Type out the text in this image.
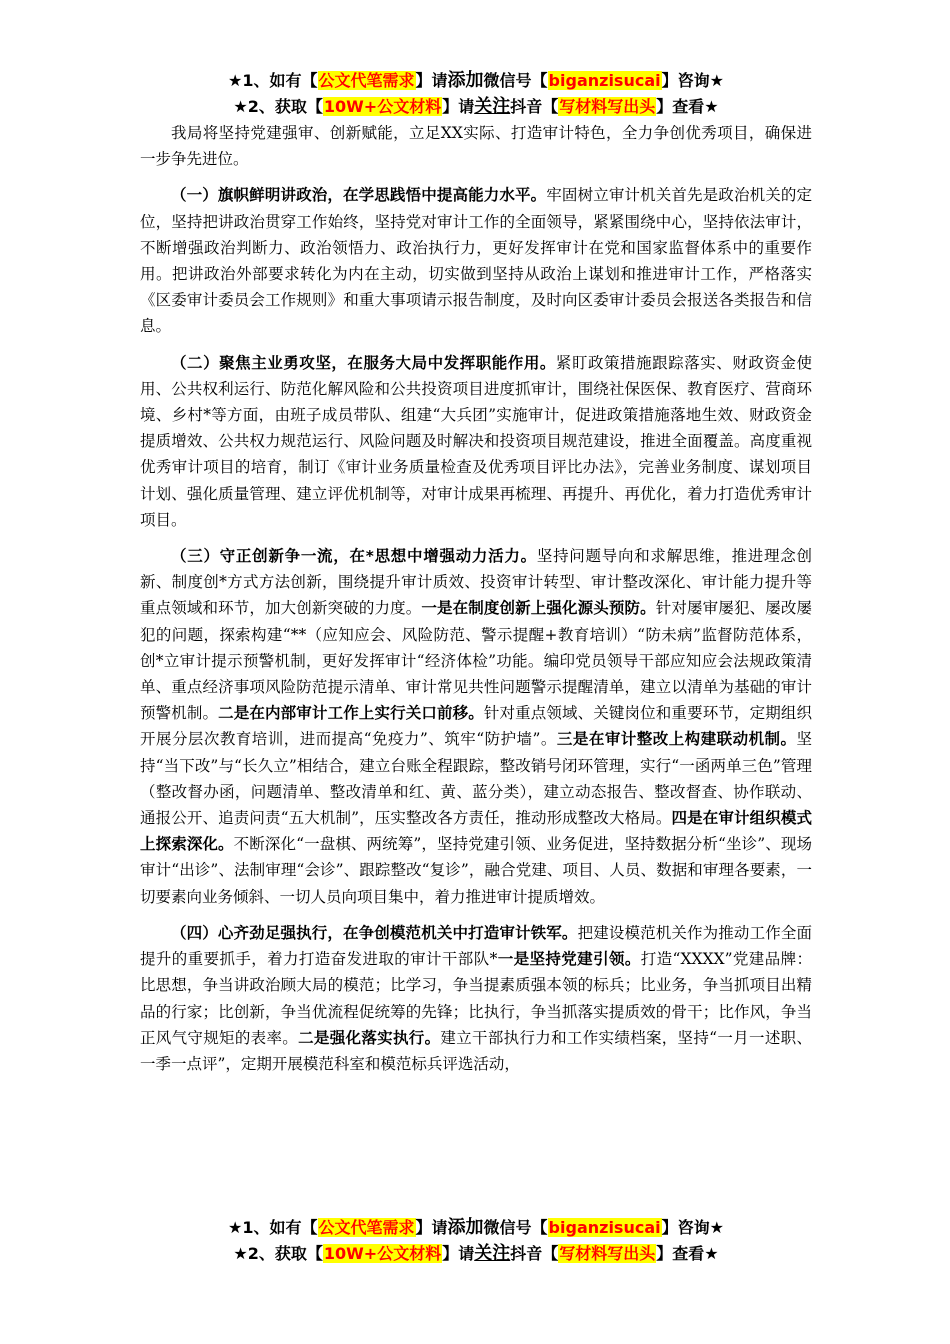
★1、如有【公文代笔需求】请添加微信号【biganzisucai】咨询★
★2、获取【10W+公文材料】请关注抖音【写材料写出头】查看★

我局将坚持党建强审、创新赋能，立足XX实际、打造审计特色，全力争创优秀项目，确保进一步争先进位。

（一）旗帜鲜明讲政治，在学思践悟中提高能力水平。牢固树立审计机关首先是政治机关的定位，坚持把讲政治贯穿工作始终，坚持党对审计工作的全面领导，紧紧围绕中心，坚持依法审计，不断增强政治判断力、政治领悟力、政治执行力，更好发挥审计在党和国家监督体系中的重要作用。把讲政治外部要求转化为内在主动，切实做到坚持从政治上谋划和推进审计工作，严格落实《区委审计委员会工作规则》和重大事项请示报告制度，及时向区委审计委员会报送各类报告和信息。

（二）聚焦主业勇攻坚，在服务大局中发挥职能作用。紧盯政策措施跟踪落实、财政资金使用、公共权利运行、防范化解风险和公共投资项目进度抓审计，围绕社保医保、教育医疗、营商环境、乡村*等方面，由班子成员带队、组建“大兵团”实施审计，促进政策措施落地生效、财政资金提质增效、公共权力规范运行、风险问题及时解决和投资项目规范建设，推进全面覆盖。高度重视优秀审计项目的培育，制订《审计业务质量检查及优秀项目评比办法》，完善业务制度、谋划项目计划、强化质量管理、建立评优机制等，对审计成果再梳理、再提升、再优化，着力打造优秀审计项目。

（三）守正创新争一流，在*思想中增强动力活力。坚持问题导向和求解思维，推进理念创新、制度创*方式方法创新，围绕提升审计质效、投资审计转型、审计整改深化、审计能力提升等重点领域和环节，加大创新突破的力度。一是在制度创新上强化源头预防。针对屡审屡犯、屡改屡犯的问题，探索构建“**（应知应会、风险防范、警示提醒+教育培训）“防未病”监督防范体系，创*立审计提示预警机制，更好发挥审计“经济体检”功能。编印党员领导干部应知应会法规政策清单、重点经济事项风险防范提示清单、审计常见共性问题警示提醒清单，建立以清单为基础的审计预警机制。二是在内部审计工作上实行关口前移。针对重点领域、关键岗位和重要环节，定期组织开展分层次教育培训，进而提高“免疫力”、筑牢“防护墙”。三是在审计整改上构建联动机制。坚持“当下改”与“长久立”相结合，建立台账全程跟踪，整改销号闭环管理，实行“一函两单三色”管理（整改督办函，问题清单、整改清单和红、黄、蓝分类），建立动态报告、整改督查、协作联动、通报公开、追责问责“五大机制”，压实整改各方责任，推动形成整改大格局。四是在审计组织模式上探索深化。不断深化“一盘棋、两统筹”，坚持党建引领、业务促进，坚持数据分析“坐诊”、现场审计“出诊”、法制审理“会诊”、跟踪整改“复诊”，融合党建、项目、人员、数据和审理各要素，一切要素向业务倾斜、一切人员向项目集中，着力推进审计提质增效。

（四）心齐劲足强执行，在争创模范机关中打造审计铁军。把建设模范机关作为推动工作全面提升的重要抓手，着力打造奋发进取的审计干部队*一是坚持党建引领。打造“XXXX”党建品牌：比思想，争当讲政治顾大局的模范；比学习，争当提素质强本领的标兵；比业务，争当抓项目出精品的行家；比创新，争当优流程促统筹的先锋；比执行，争当抓落实提质效的骨干；比作风，争当正风气守规矩的表率。二是强化落实执行。建立干部执行力和工作实绩档案，坚持“一月一述职、一季一点评”，定期开展模范科室和模范标兵评选活动，

★1、如有【公文代笔需求】请添加微信号【biganzisucai】咨询★
★2、获取【10W+公文材料】请关注抖音【写材料写出头】查看★
